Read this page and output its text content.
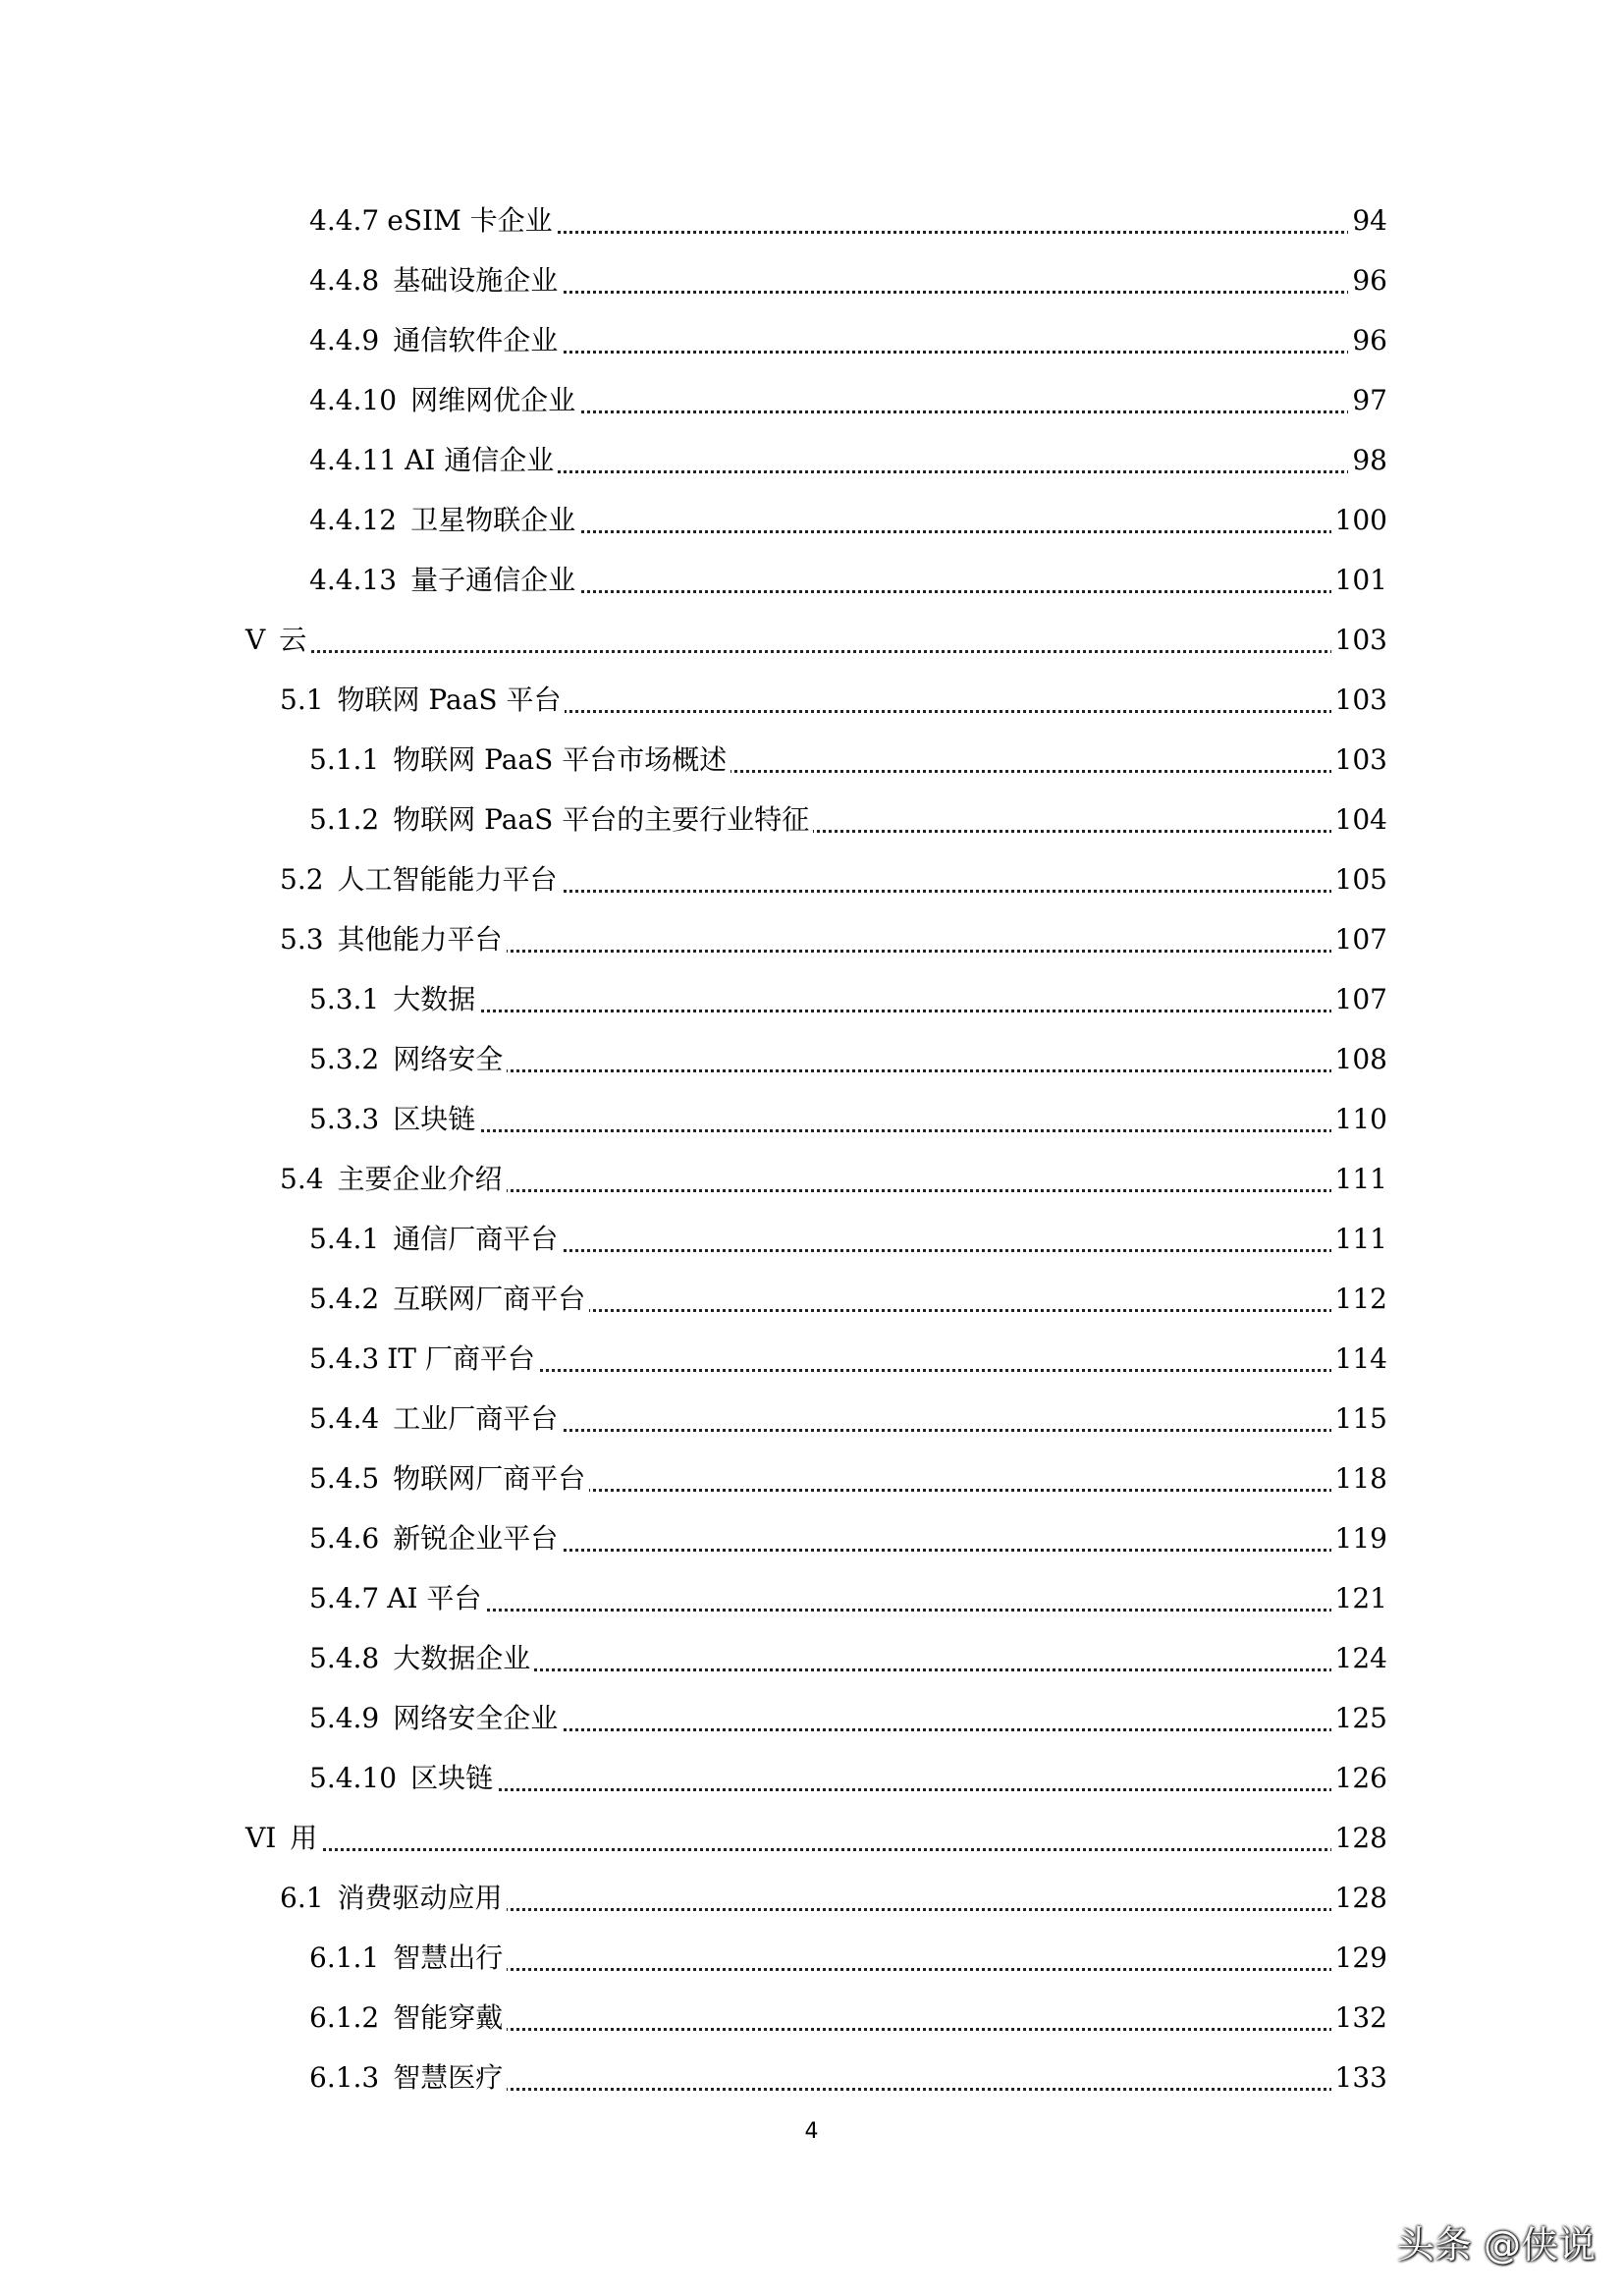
4.4.7 eSIM 卡企业	94
4.4.8 基础设施企业	96
4.4.9 通信软件企业	96
4.4.10 网维网优企业	97
4.4.11 AI 通信企业	98
4.4.12 卫星物联企业	100
4.4.13 量子通信企业	101
V 云	103
5.1 物联网 PaaS 平台	103
5.1.1 物联网 PaaS 平台市场概述	103
5.1.2 物联网 PaaS 平台的主要行业特征	104
5.2 人工智能能力平台	105
5.3 其他能力平台	107
5.3.1 大数据	107
5.3.2 网络安全	108
5.3.3 区块链	110
5.4 主要企业介绍	111
5.4.1 通信厂商平台	111
5.4.2 互联网厂商平台	112
5.4.3 IT 厂商平台	114
5.4.4 工业厂商平台	115
5.4.5 物联网厂商平台	118
5.4.6 新锐企业平台	119
5.4.7 AI 平台	121
5.4.8 大数据企业	124
5.4.9 网络安全企业	125
5.4.10 区块链	126
VI 用	128
6.1 消费驱动应用	128
6.1.1 智慧出行	129
6.1.2 智能穿戴	132
6.1.3 智慧医疗	133
4
头条 @侠说
